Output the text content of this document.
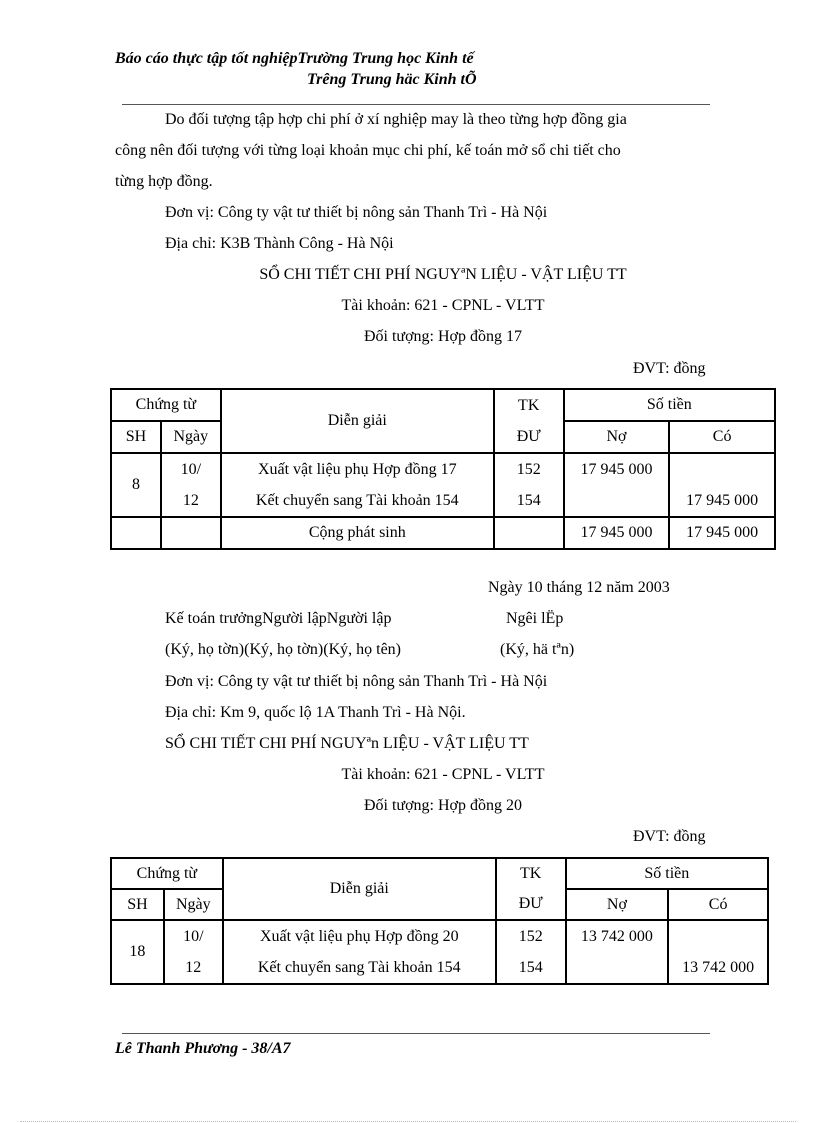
Báo cáo thực tập tốt nghiệpTrường Trung học Kinh tế
Trêng Trung häc Kinh tÕ
Do đối tượng tập hợp chi phí ở xí nghiệp may là theo từng hợp đồng gia
công nên đối tượng với từng loại khoản mục chi phí, kế toán mở sổ chi tiết cho
từng hợp đồng.
Đơn vị: Công ty vật tư thiết bị nông sản Thanh Trì - Hà Nội
Địa chỉ: K3B Thành Công - Hà Nội
SỔ CHI TIẾT CHI PHÍ NGUYªN LIỆU - VẬT LIỆU TT
Tài khoản: 621 - CPNL - VLTT
Đối tượng: Hợp đồng 17
ĐVT: đồng
Chứng từ		Diễn giải	TK	Số tiền	
SH	Ngày		ĐƯ	Nợ	Có
8	10/	Xuất vật liệu phụ Hợp đồng 17	152	17 945 000	
	12	Kết chuyển sang Tài khoản 154	154		17 945 000
		Cộng phát sinh		17 945 000	17 945 000
Ngày 10 tháng 12 năm 2003
Kế toán trưởngNgười lậpNgười lập	Ngêi lËp
(Ký, họ tờn)(Ký, họ tờn)(Ký, họ tên)	(Ký, hä tªn)
Đơn vị: Công ty vật tư thiết bị nông sản Thanh Trì - Hà Nội
Địa chỉ: Km 9, quốc lộ 1A Thanh Trì - Hà Nội.
SỔ CHI TIẾT CHI PHÍ NGUYªn LIỆU - VẬT LIỆU TT
Tài khoản: 621 - CPNL - VLTT
Đối tượng: Hợp đồng 20
ĐVT: đồng
Chứng từ		Diễn giải	TK	Số tiền	
SH	Ngày		ĐƯ	Nợ	Có
18	10/	Xuất vật liệu phụ Hợp đồng 20	152	13 742 000	
	12	Kết chuyển sang Tài khoản 154	154		13 742 000
Lê Thanh Phương - 38/A7
